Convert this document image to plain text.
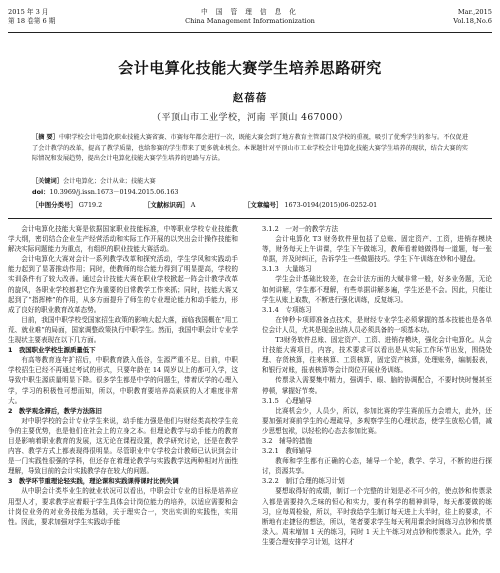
2015 年 3 月
第 18 卷第 6 期
中 国 管 理 信 息 化
China Management Informationization
Mar.,2015
Vol.18,No.6
会计电算化技能大赛学生培养思路研究
赵蓓蓓
（平顶山市工业学校，河南 平顶山 467000）
［摘 要］中职学校会计电算化职业技能大赛省赛、市赛每年都会进行一次，既能大赛会到了地方教育主管部门及学校的重视，吸引了优秀学生的参与。不仅促进了会计教学的改革，提高了教学质量，也给参赛的学生带来了更多就业机会。本课题针对平顶山市工业学校会计电算化技能大赛学生培养的现状，结合大赛的实际情况和发展趋势，提出会计电算化技能大赛学生培养的思路与方法。
［关键词］会计电算化；会计从业；技能大赛
doi：10.3969/j.issn.1673－0194.2015.06.163
［中图分类号］ G719.2	［文献标识码］ A	［文章编号］ 1673-0194(2015)06-0252-01

会计电算化技能大赛是依据国家职业技能标准，中等职业学校专业技能教学大纲，密切结合企业生产经营活动和实际工作开展的以突出会计操作技能和解决实际问题能力为重点，有组织的职业技能大赛活动。

会计电算化大赛对会计一系列教学改革和探究活动，学生学风和实践动手能力起到了显著推动作用；同时，使教师的综合能力得到了明显提高，学校的实训条件有了较大改善。通过会计技能大赛在职业学校掀起一阵会计教学改革的旋风，各职业学校都把它作为重要的目常教学工作来抓；同时，技能大赛又起到了“指挥棒”的作用，从多方面提升了师生的专业理论能力和动手能力，形成了良好的职业教育改革态势。

目前，我国中职学校受国家招生政策的影响大起大落，面临我国概在“用工荒、就业难”的局面，国家调整政策执行中职学生。然而，我国中职会计专业学生现状主要表现在以下几方面。

1　我国职业学校生源质量低下

有高等教育连年扩招后，中职教育跌入低谷，生源严重不足。目前，中职学校招生已经不再通过考试的形式，只要年龄在 14 周岁以上的都可入学，这导致中职生源质量明显下降。很多学生都是中学的问题生，带着厌学的心理入学，学习的积极性可想而知，所以，中职教育要培养高素质的人才难度非常大。

2　教学观念滞后，教学方法陈旧

对中职学校的会计专业学生来说，动手能力强是他们与财经类高校学生竞争的主要优势，也是他们在社会上的立身之本。但理论教学与动手能力的教育目是影响着职业教育的发展，这无论在课程设置，教学研究讨论，还是在教学内容、教学方式上都表现得很明显。尽管职业中专学校会计教师已认识到会计是一门实践性很强的学科，但还存在着理论教学与实践教学这两种相对片面性理解，导致目前的会计实践教学存在较大的问题。

3　教学环节重理论轻实践，理论课和实践课得课时比例失调

从中职会计类毕业生的就业状况可以看出，中职会计专业的目标是培养应用型人才，要求教学应着眼于学生具体会计岗位能力的培养，以适应需要和会计岗位业务的对业务技能为基础，关于理实合一，突出实训的实践性，实用性。因此，要求加强对学生实践动手能

3.1.2　一对一的教学方法

会计电算化 T3 财务软件里包括了总账、固定资产、工资，进销存模块等，财务每天上午讲课，学生下午做练习，教师看着她做得每一道题，每一张单据，并及时纠正，告诉学生一些做题技巧。学生下午训练在炒和小键盘。

3.1.3　大量练习

学生会计基础比较差，在会计法方面的大赋非常一般，好多业务题，无论如何讲解，学生都不理解，有些单据讲解多遍，学生还是不会。因此，只能让学生从账上取数，不断进行强化训练，反复练习。

3.1.4　专项练习

在钟秒卡项即准备点技术，是财经专业学生必须掌握的基本技能也是各单位会计人员，尤其是现金出纳人员必须具备的一项基本功。

T3财务软件总账、固定资产、工资、进销存模块，强化会计电算化。从会计技能大赛项目，内容，技术要求可以看出是从实际工作环节出发，围绕处理、存货核算，往来核算、工资核算，固定资产核算，处理账务，编制报表，和银行对账，报表核算等会计岗位开展业务训练。

传票录入需要集中精力，强调手、眼、脑的协调配合，不要时快时慢甚至停顿，掌握好节奏。

3.1.5　心理辅导

比赛机会少，人员少，所以，参加比赛的学生赛前压力会增大，此外，还要加强对赛前学生的心理疏导，多观察学生的心理状态，使学生放松心情，减少思想包袱，以轻松的心态去参加比赛。

3.2　辅导的措施

3.2.1　教师辅导

教师和学生都有正确的心态，辅导一个轮，教学、学习，不断的进行探讨，资源共享。

3.2.2　制订合理的练习计划

要想取得好的成绩，制订一个完整的计划是必不可少的，使点钞和传票录入都是需要持久乏味的恒心和实力，要有科学的精神训导，每天都要做的练习，应每周检验，所以，平时我给学生制订每天进上大半时，往上的要求，不断地有走捷径的想法，所以，笔者要求学生每天利用课余时间练习点钞和传票录入。周末増加 1 天的练习，同时 1 天上午练习对点钞和传票录入。此外，学生要合理安排学习计划，这样才
